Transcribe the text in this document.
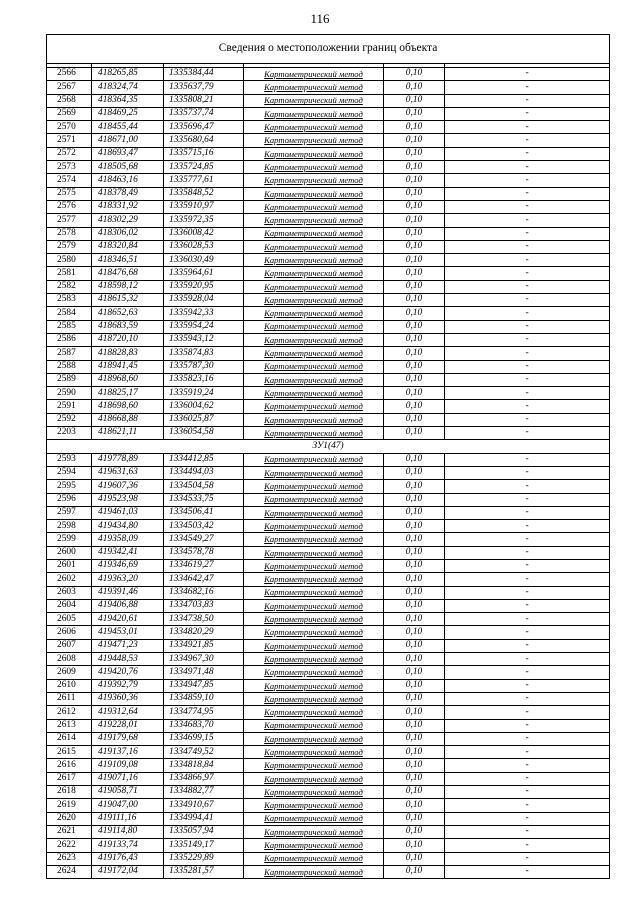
116
Сведения о местоположении границ объекта					

2566	418265,85	1335384,44	Картометрический метод	0,10	-
2567	418324,74	1335637,79	Картометрический метод	0,10	-
2568	418364,35	1335808,21	Картометрический метод	0,10	-
2569	418469,25	1335737,74	Картометрический метод	0,10	-
2570	418455,44	1335696,47	Картометрический метод	0,10	-
2571	418671,00	1335680,64	Картометрический метод	0,10	-
2572	418693,47	1335715,16	Картометрический метод	0,10	-
2573	418505,68	1335724,85	Картометрический метод	0,10	-
2574	418463,16	1335777,61	Картометрический метод	0,10	-
2575	418378,49	1335848,52	Картометрический метод	0,10	-
2576	418331,92	1335910,97	Картометрический метод	0,10	-
2577	418302,29	1335972,35	Картометрический метод	0,10	-
2578	418306,02	1336008,42	Картометрический метод	0,10	-
2579	418320,84	1336028,53	Картометрический метод	0,10	-
2580	418346,51	1336030,49	Картометрический метод	0,10	-
2581	418476,68	1335964,61	Картометрический метод	0,10	-
2582	418598,12	1335920,95	Картометрический метод	0,10	-
2583	418615,32	1335928,04	Картометрический метод	0,10	-
2584	418652,63	1335942,33	Картометрический метод	0,10	-
2585	418683,59	1335954,24	Картометрический метод	0,10	-
2586	418720,10	1335943,12	Картометрический метод	0,10	-
2587	418828,83	1335874,83	Картометрический метод	0,10	-
2588	418941,45	1335787,30	Картометрический метод	0,10	-
2589	418968,60	1335823,16	Картометрический метод	0,10	-
2590	418825,17	1335919,24	Картометрический метод	0,10	-
2591	418698,60	1336004,62	Картометрический метод	0,10	-
2592	418668,88	1336025,87	Картометрический метод	0,10	-
2203	418621,11	1336054,58	Картометрический метод	0,10	-
ЗУ1(47)					
2593	419778,89	1334412,85	Картометрический метод	0,10	-
2594	419631,63	1334494,03	Картометрический метод	0,10	-
2595	419607,36	1334504,58	Картометрический метод	0,10	-
2596	419523,98	1334533,75	Картометрический метод	0,10	-
2597	419461,03	1334506,41	Картометрический метод	0,10	-
2598	419434,80	1334503,42	Картометрический метод	0,10	-
2599	419358,09	1334549,27	Картометрический метод	0,10	-
2600	419342,41	1334578,78	Картометрический метод	0,10	-
2601	419346,69	1334619,27	Картометрический метод	0,10	-
2602	419363,20	1334642,47	Картометрический метод	0,10	-
2603	419391,46	1334682,16	Картометрический метод	0,10	-
2604	419406,88	1334703,83	Картометрический метод	0,10	-
2605	419420,61	1334738,50	Картометрический метод	0,10	-
2606	419453,01	1334820,29	Картометрический метод	0,10	-
2607	419471,23	1334921,85	Картометрический метод	0,10	-
2608	419448,53	1334967,30	Картометрический метод	0,10	-
2609	419420,76	1334971,48	Картометрический метод	0,10	-
2610	419392,79	1334947,85	Картометрический метод	0,10	-
2611	419360,36	1334859,10	Картометрический метод	0,10	-
2612	419312,64	1334774,95	Картометрический метод	0,10	-
2613	419228,01	1334683,70	Картометрический метод	0,10	-
2614	419179,68	1334699,15	Картометрический метод	0,10	-
2615	419137,16	1334749,52	Картометрический метод	0,10	-
2616	419109,08	1334818,84	Картометрический метод	0,10	-
2617	419071,16	1334866,97	Картометрический метод	0,10	-
2618	419058,71	1334882,77	Картометрический метод	0,10	-
2619	419047,00	1334910,67	Картометрический метод	0,10	-
2620	419111,16	1334994,41	Картометрический метод	0,10	-
2621	419114,80	1335057,94	Картометрический метод	0,10	-
2622	419133,74	1335149,17	Картометрический метод	0,10	-
2623	419176,43	1335229,89	Картометрический метод	0,10	-
2624	419172,04	1335281,57	Картометрический метод	0,10	-
